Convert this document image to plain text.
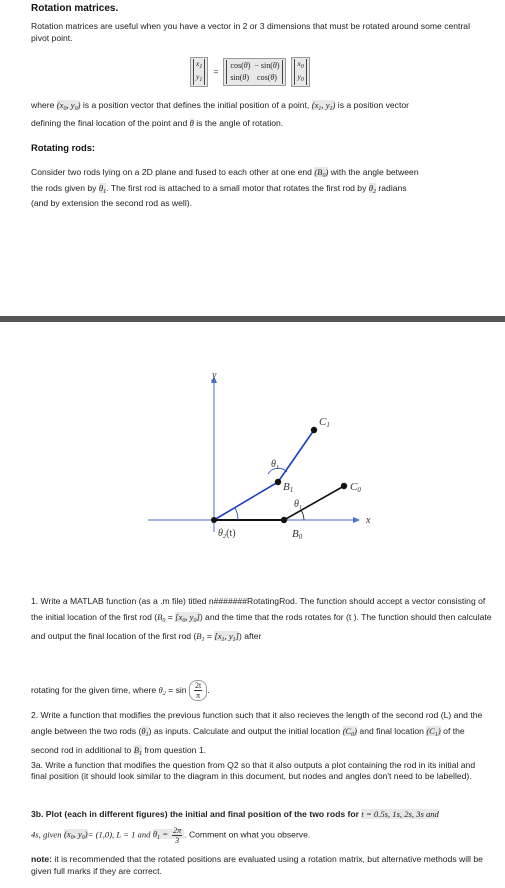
Rotation matrices.
Rotation matrices are useful when you have a vector in 2 or 3 dimensions that must be rotated around some central pivot point.
$x_1$
$y_1$
=
cos(θ)  − sin(θ)
sin(θ)    cos(θ)
$x_0$
$y_0$
where ($x_0$, $y_0$) is a position vector that defines the initial position of a point, ($x_1$, $y_1$) is a position vector
defining the final location of the point and θ is the angle of rotation.
Rotating rods:
Consider two rods lying on a 2D plane and fused to each other at one end $(B_0)$ with the angle between
the rods given by $\theta_1$. The first rod is attached to a small motor that rotates the first rod by $\theta_2$ radians
(and by extension the second rod as well).
y
x
C1
C0
B1
B0
$\theta_1$
$\theta_1$
$\theta_2(t)$
1. Write a MATLAB function (as a .m file) titled n#######RotatingRod. The function should accept a vector consisting of the initial location of the first rod ($B_0 = [x_0$, $y_0$]) and the time that the rods rotates for (t ). The function should then calculate and output the final location of the first rod ($B_1 = [x_1$, $y_1$]) after
rotating for the given time, where $\theta_2 = \sin \frac{2t}{\pi}$ .
2. Write a function that modifies the previous function such that it also recieves the length of the second rod (L) and the angle between the two rods $(\theta_1)$ as inputs. Calculate and output the initial location $(C_0)$ and final location $(C_1)$ of the second rod in additional to $B_1$ from question 1.
3a. Write a function that modifies the question from Q2 so that it also outputs a plot containing the rod in its initial and final position (it should look similar to the diagram in this document, but nodes and angles don't need to be labelled).
3b. Plot (each in different figures) the initial and final position of the two rods for t = 0.5s, 1s, 2s, 3s and
4s, given ($x_0$, $y_0)= (1,0)$, L = 1 and $\theta_1 = \frac{2\pi}{3}$ . Comment on what you observe.
note: it is recommended that the rotated positions are evaluated using a rotation matrix, but alternative methods will be given full marks if they are correct.
